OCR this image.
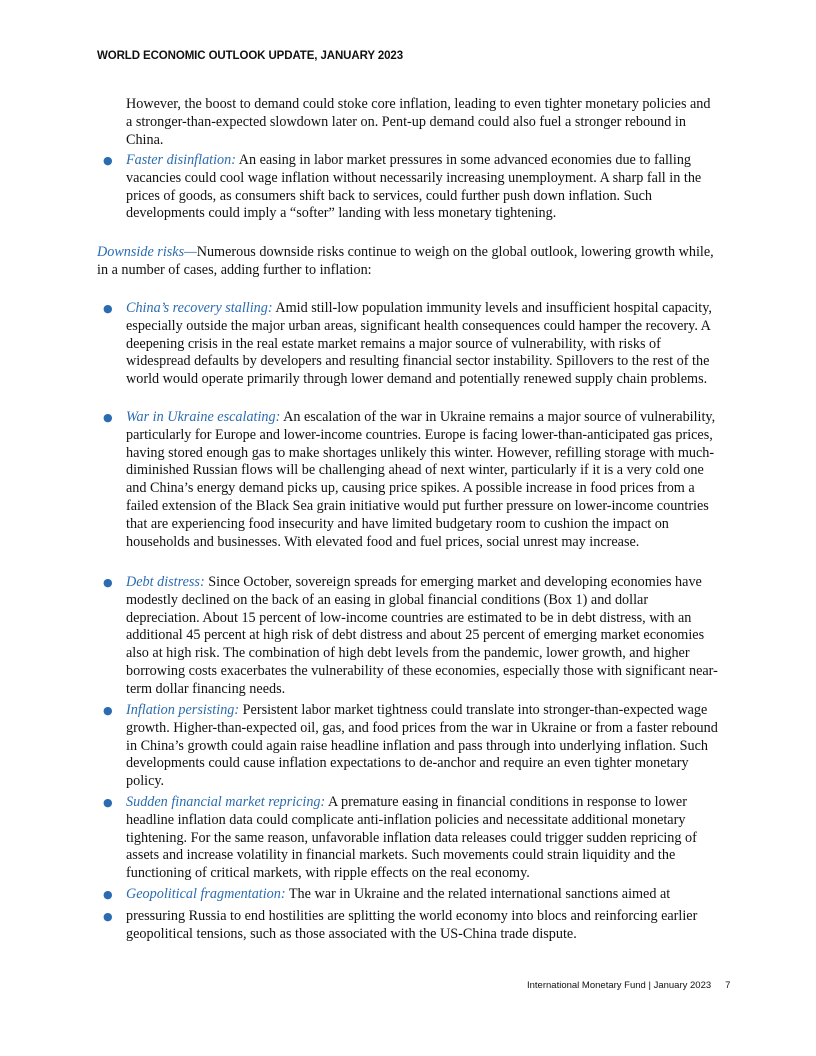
WORLD ECONOMIC OUTLOOK UPDATE, JANUARY 2023

However, the boost to demand could stoke core inflation, leading to even tighter monetary policies and a stronger-than-expected slowdown later on. Pent-up demand could also fuel a stronger rebound in China.

● Faster disinflation: An easing in labor market pressures in some advanced economies due to falling vacancies could cool wage inflation without necessarily increasing unemployment. A sharp fall in the prices of goods, as consumers shift back to services, could further push down inflation. Such developments could imply a “softer” landing with less monetary tightening.

Downside risks—Numerous downside risks continue to weigh on the global outlook, lowering growth while, in a number of cases, adding further to inflation:

● China’s recovery stalling: Amid still-low population immunity levels and insufficient hospital capacity, especially outside the major urban areas, significant health consequences could hamper the recovery. A deepening crisis in the real estate market remains a major source of vulnerability, with risks of widespread defaults by developers and resulting financial sector instability. Spillovers to the rest of the world would operate primarily through lower demand and potentially renewed supply chain problems.

● War in Ukraine escalating: An escalation of the war in Ukraine remains a major source of vulnerability, particularly for Europe and lower-income countries. Europe is facing lower-than-anticipated gas prices, having stored enough gas to make shortages unlikely this winter. However, refilling storage with much-diminished Russian flows will be challenging ahead of next winter, particularly if it is a very cold one and China’s energy demand picks up, causing price spikes. A possible increase in food prices from a failed extension of the Black Sea grain initiative would put further pressure on lower-income countries that are experiencing food insecurity and have limited budgetary room to cushion the impact on households and businesses. With elevated food and fuel prices, social unrest may increase.

● Debt distress: Since October, sovereign spreads for emerging market and developing economies have modestly declined on the back of an easing in global financial conditions (Box 1) and dollar depreciation. About 15 percent of low-income countries are estimated to be in debt distress, with an additional 45 percent at high risk of debt distress and about 25 percent of emerging market economies also at high risk. The combination of high debt levels from the pandemic, lower growth, and higher borrowing costs exacerbates the vulnerability of these economies, especially those with significant near-term dollar financing needs.

● Inflation persisting: Persistent labor market tightness could translate into stronger-than-expected wage growth. Higher-than-expected oil, gas, and food prices from the war in Ukraine or from a faster rebound in China’s growth could again raise headline inflation and pass through into underlying inflation. Such developments could cause inflation expectations to de-anchor and require an even tighter monetary policy.

● Sudden financial market repricing: A premature easing in financial conditions in response to lower headline inflation data could complicate anti-inflation policies and necessitate additional monetary tightening. For the same reason, unfavorable inflation data releases could trigger sudden repricing of assets and increase volatility in financial markets. Such movements could strain liquidity and the functioning of critical markets, with ripple effects on the real economy.

● Geopolitical fragmentation: The war in Ukraine and the related international sanctions aimed at

● pressuring Russia to end hostilities are splitting the world economy into blocs and reinforcing earlier geopolitical tensions, such as those associated with the US-China trade dispute.

International Monetary Fund | January 2023 7
